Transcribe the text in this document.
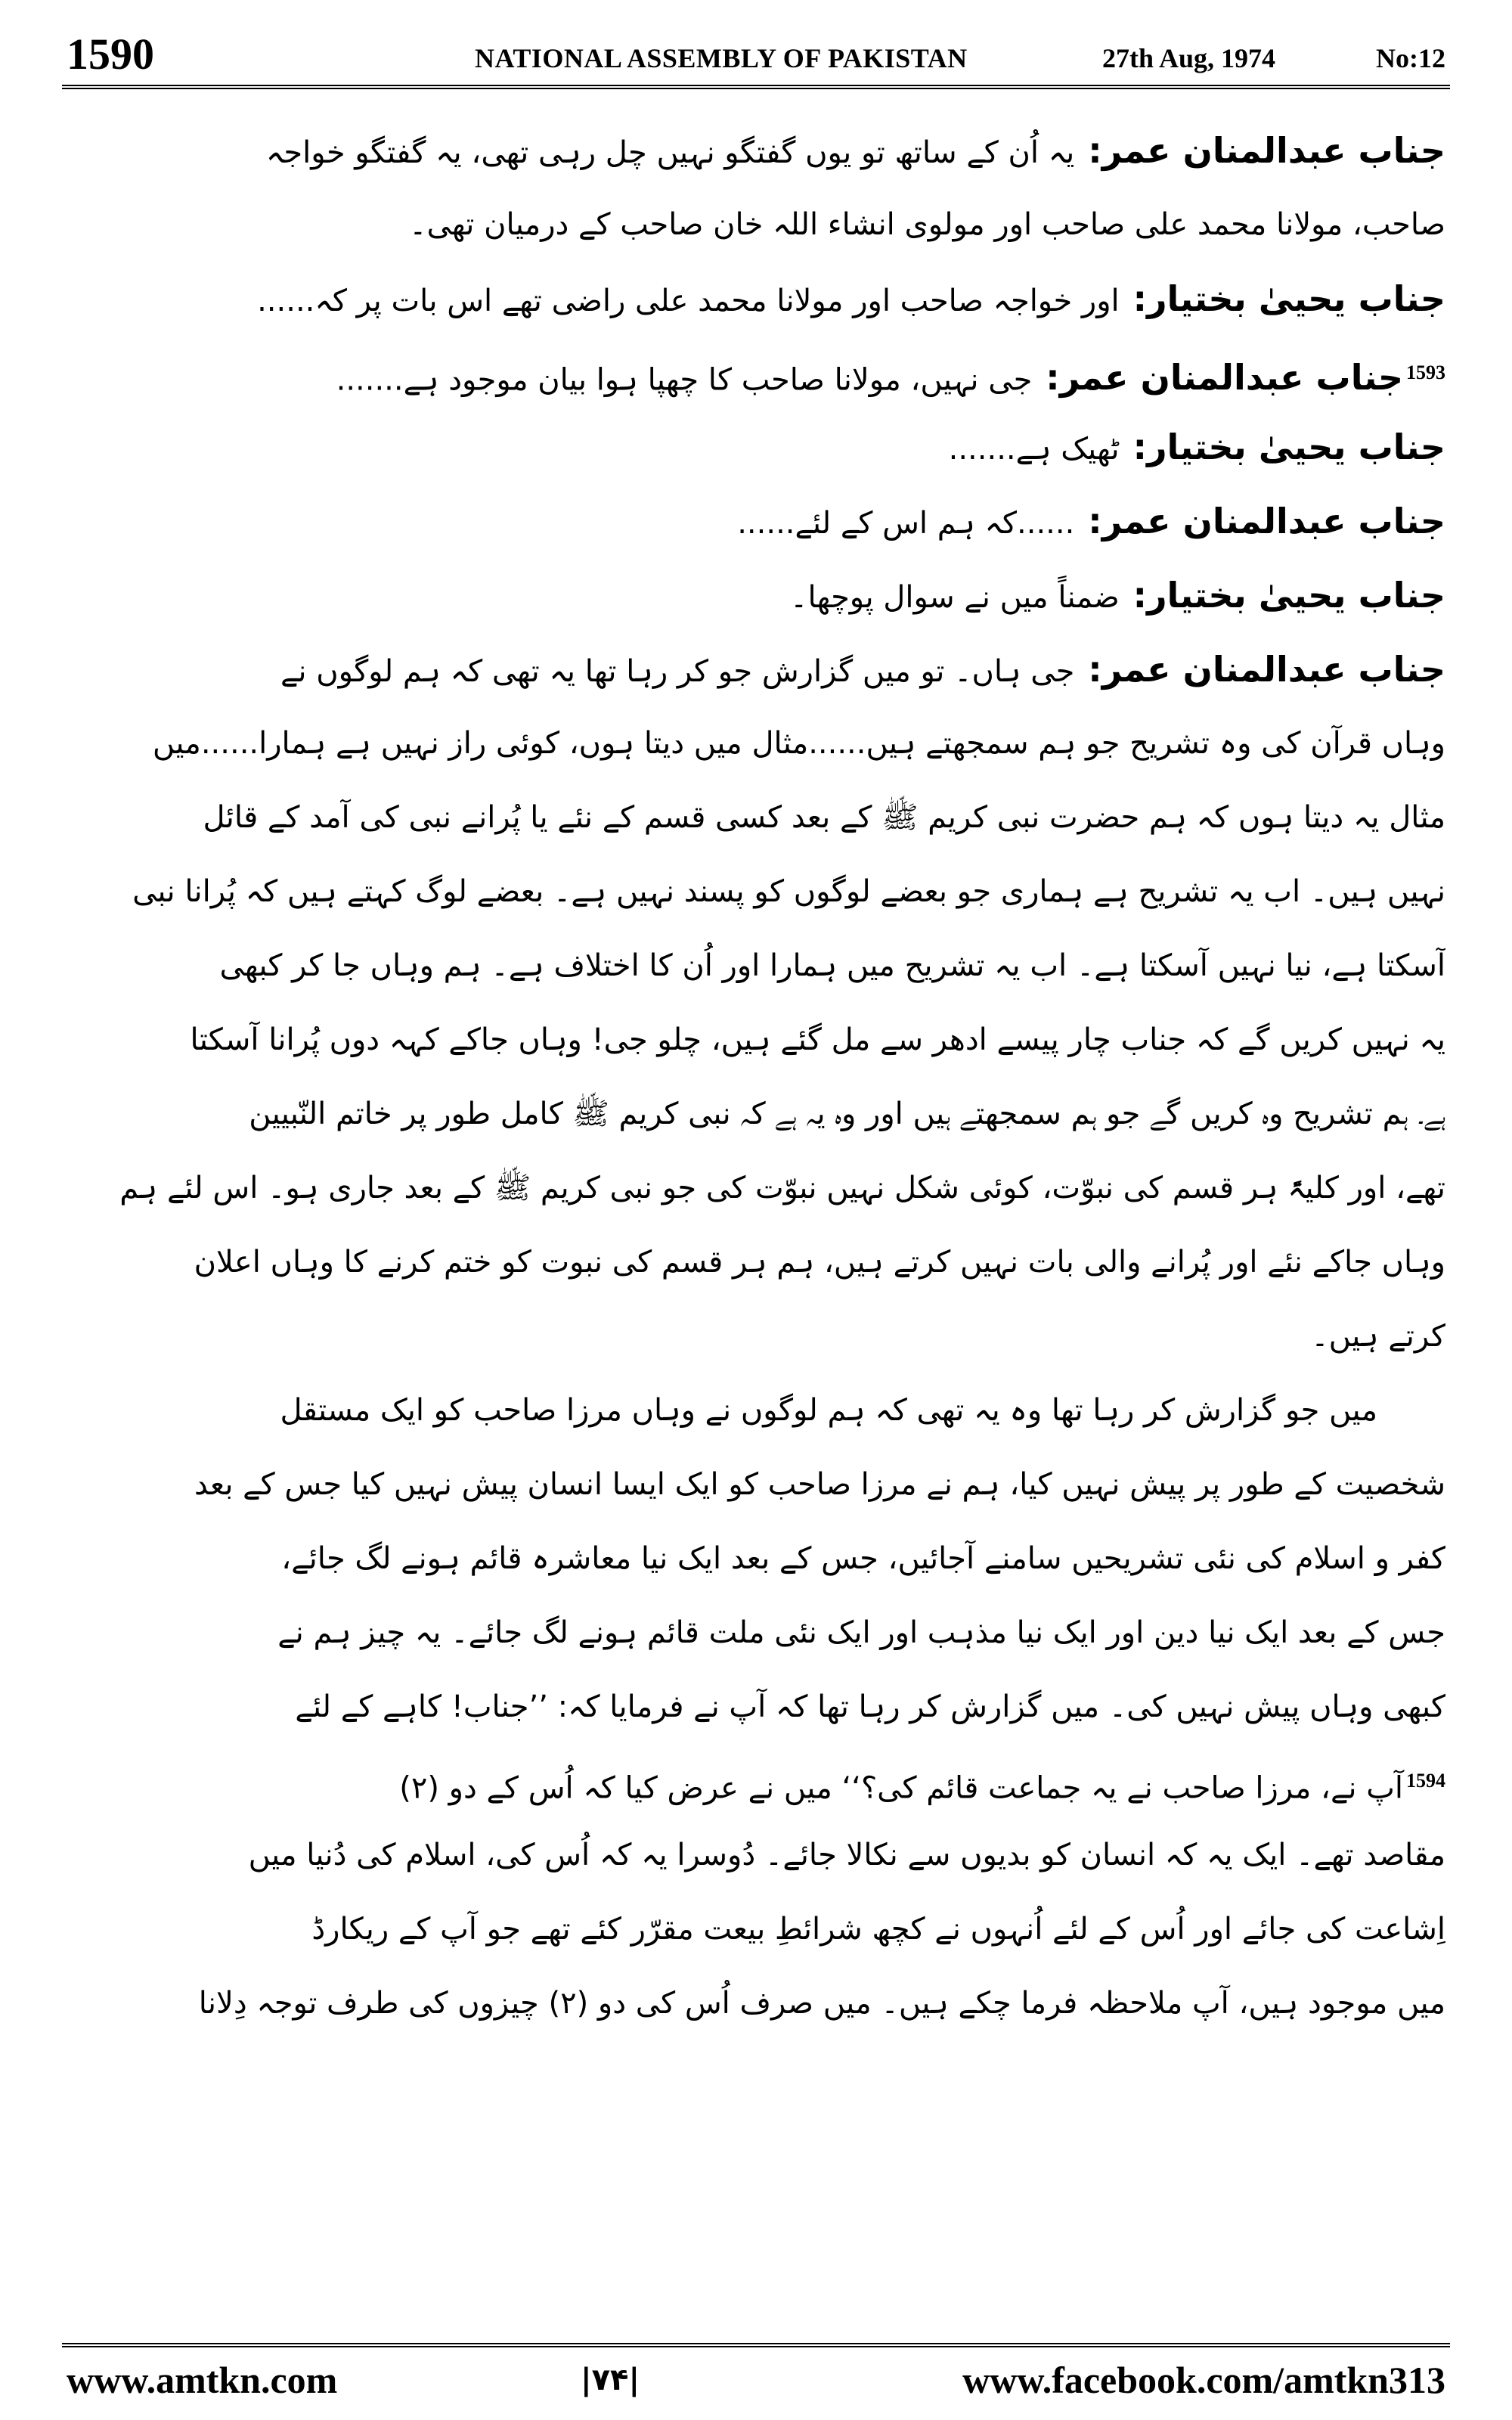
1590	NATIONAL ASSEMBLY OF PAKISTAN	27th Aug, 1974	No:12
جناب عبدالمنان عمر:یہ اُن کے ساتھ تو یوں گفتگو نہیں چل رہی تھی، یہ گفتگو خواجہ
صاحب، مولانا محمد علی صاحب اور مولوی انشاء اللہ خان صاحب کے درمیان تھی۔
جناب یحییٰ بختیار:اور خواجہ صاحب اور مولانا محمد علی راضی تھے اس بات پر کہ......
1593جناب عبدالمنان عمر:جی نہیں، مولانا صاحب کا چھپا ہوا بیان موجود ہے.......
جناب یحییٰ بختیار:ٹھیک ہے.......
جناب عبدالمنان عمر:......کہ ہم اس کے لئے......
جناب یحییٰ بختیار:ضمناً میں نے سوال پوچھا۔
جناب عبدالمنان عمر:جی ہاں۔ تو میں گزارش جو کر رہا تھا یہ تھی کہ ہم لوگوں نے
وہاں قرآن کی وہ تشریح جو ہم سمجھتے ہیں......مثال میں دیتا ہوں، کوئی راز نہیں ہے ہمارا......میں
مثال یہ دیتا ہوں کہ ہم حضرت نبی کریم ﷺ کے بعد کسی قسم کے نئے یا پُرانے نبی کی آمد کے قائل
نہیں ہیں۔ اب یہ تشریح ہے ہماری جو بعضے لوگوں کو پسند نہیں ہے۔ بعضے لوگ کہتے ہیں کہ پُرانا نبی
آسکتا ہے، نیا نہیں آسکتا ہے۔ اب یہ تشریح میں ہمارا اور اُن کا اختلاف ہے۔ ہم وہاں جا کر کبھی
یہ نہیں کریں گے کہ جناب چار پیسے ادھر سے مل گئے ہیں، چلو جی! وہاں جاکے کہہ دوں پُرانا آسکتا
ہے۔ ہم تشریح وہ کریں گے جو ہم سمجھتے ہیں اور وہ یہ ہے کہ نبی کریم ﷺ کامل طور پر خاتم النّبیین
تھے، اور کلیۃً ہر قسم کی نبوّت، کوئی شکل نہیں نبوّت کی جو نبی کریم ﷺ کے بعد جاری ہو۔ اس لئے ہم
وہاں جاکے نئے اور پُرانے والی بات نہیں کرتے ہیں، ہم ہر قسم کی نبوت کو ختم کرنے کا وہاں اعلان
کرتے ہیں۔
میں جو گزارش کر رہا تھا وہ یہ تھی کہ ہم لوگوں نے وہاں مرزا صاحب کو ایک مستقل
شخصیت کے طور پر پیش نہیں کیا، ہم نے مرزا صاحب کو ایک ایسا انسان پیش نہیں کیا جس کے بعد
کفر و اسلام کی نئی تشریحیں سامنے آجائیں، جس کے بعد ایک نیا معاشرہ قائم ہونے لگ جائے،
جس کے بعد ایک نیا دین اور ایک نیا مذہب اور ایک نئی ملت قائم ہونے لگ جائے۔ یہ چیز ہم نے
کبھی وہاں پیش نہیں کی۔ میں گزارش کر رہا تھا کہ آپ نے فرمایا کہ: ’’جناب! کاہے کے لئے
1594آپ نے، مرزا صاحب نے یہ جماعت قائم کی؟‘‘ میں نے عرض کیا کہ اُس کے دو (۲)
مقاصد تھے۔ ایک یہ کہ انسان کو بدیوں سے نکالا جائے۔ دُوسرا یہ کہ اُس کی، اسلام کی دُنیا میں
اِشاعت کی جائے اور اُس کے لئے اُنہوں نے کچھ شرائطِ بیعت مقرّر کئے تھے جو آپ کے ریکارڈ
میں موجود ہیں، آپ ملاحظہ فرما چکے ہیں۔ میں صرف اُس کی دو (۲) چیزوں کی طرف توجہ دِلانا
www.amtkn.com	|۷۴|	www.facebook.com/amtkn313
